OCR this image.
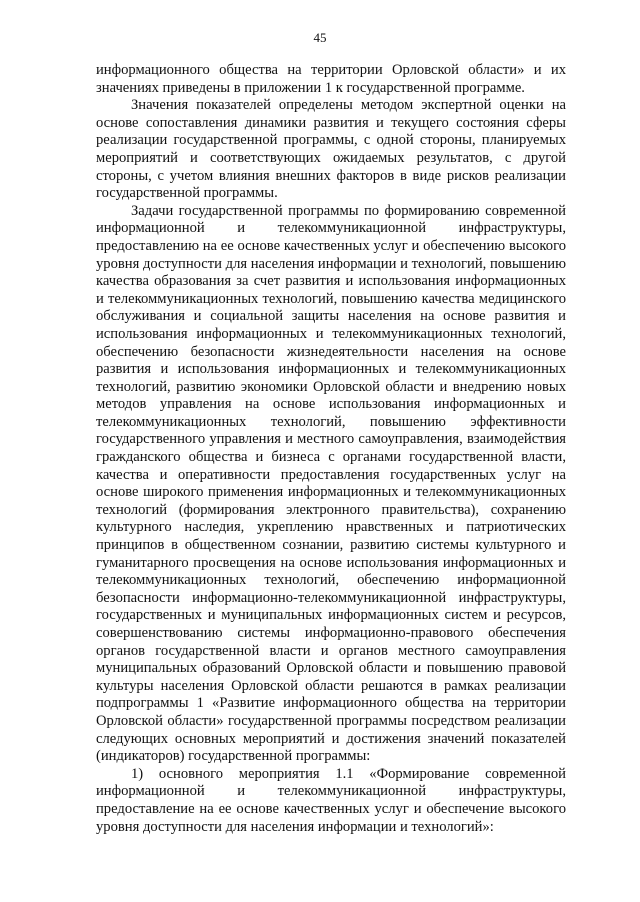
45

информационного общества на территории Орловской области» и их значениях приведены в приложении 1 к государственной программе.

Значения показателей определены методом экспертной оценки на основе сопоставления динамики развития и текущего состояния сферы реализации государственной программы, с одной стороны, планируемых мероприятий и соответствующих ожидаемых результатов, с другой стороны, с учетом влияния внешних факторов в виде рисков реализации государственной программы.

Задачи государственной программы по формированию современной информационной и телекоммуникационной инфраструктуры, предоставлению на ее основе качественных услуг и обеспечению высокого уровня доступности для населения информации и технологий, повышению качества образования за счет развития и использования информационных и телекоммуникационных технологий, повышению качества медицинского обслуживания и социальной защиты населения на основе развития и использования информационных и телекоммуникационных технологий, обеспечению безопасности жизнедеятельности населения на основе развития и использования информационных и телекоммуникационных технологий, развитию экономики Орловской области и внедрению новых методов управления на основе использования информационных и телекоммуникационных технологий, повышению эффективности государственного управления и местного самоуправления, взаимодействия гражданского общества и бизнеса с органами государственной власти, качества и оперативности предоставления государственных услуг на основе широкого применения информационных и телекоммуникационных технологий (формирования электронного правительства), сохранению культурного наследия, укреплению нравственных и патриотических принципов в общественном сознании, развитию системы культурного и гуманитарного просвещения на основе использования информационных и телекоммуникационных технологий, обеспечению информационной безопасности информационно-телекоммуникационной инфраструктуры, государственных и муниципальных информационных систем и ресурсов, совершенствованию системы информационно-правового обеспечения органов государственной власти и органов местного самоуправления муниципальных образований Орловской области и повышению правовой культуры населения Орловской области решаются в рамках реализации подпрограммы 1 «Развитие информационного общества на территории Орловской области» государственной программы посредством реализации следующих основных мероприятий и достижения значений показателей (индикаторов) государственной программы:

1) основного мероприятия 1.1 «Формирование современной информационной и телекоммуникационной инфраструктуры, предоставление на ее основе качественных услуг и обеспечение высокого уровня доступности для населения информации и технологий»:
